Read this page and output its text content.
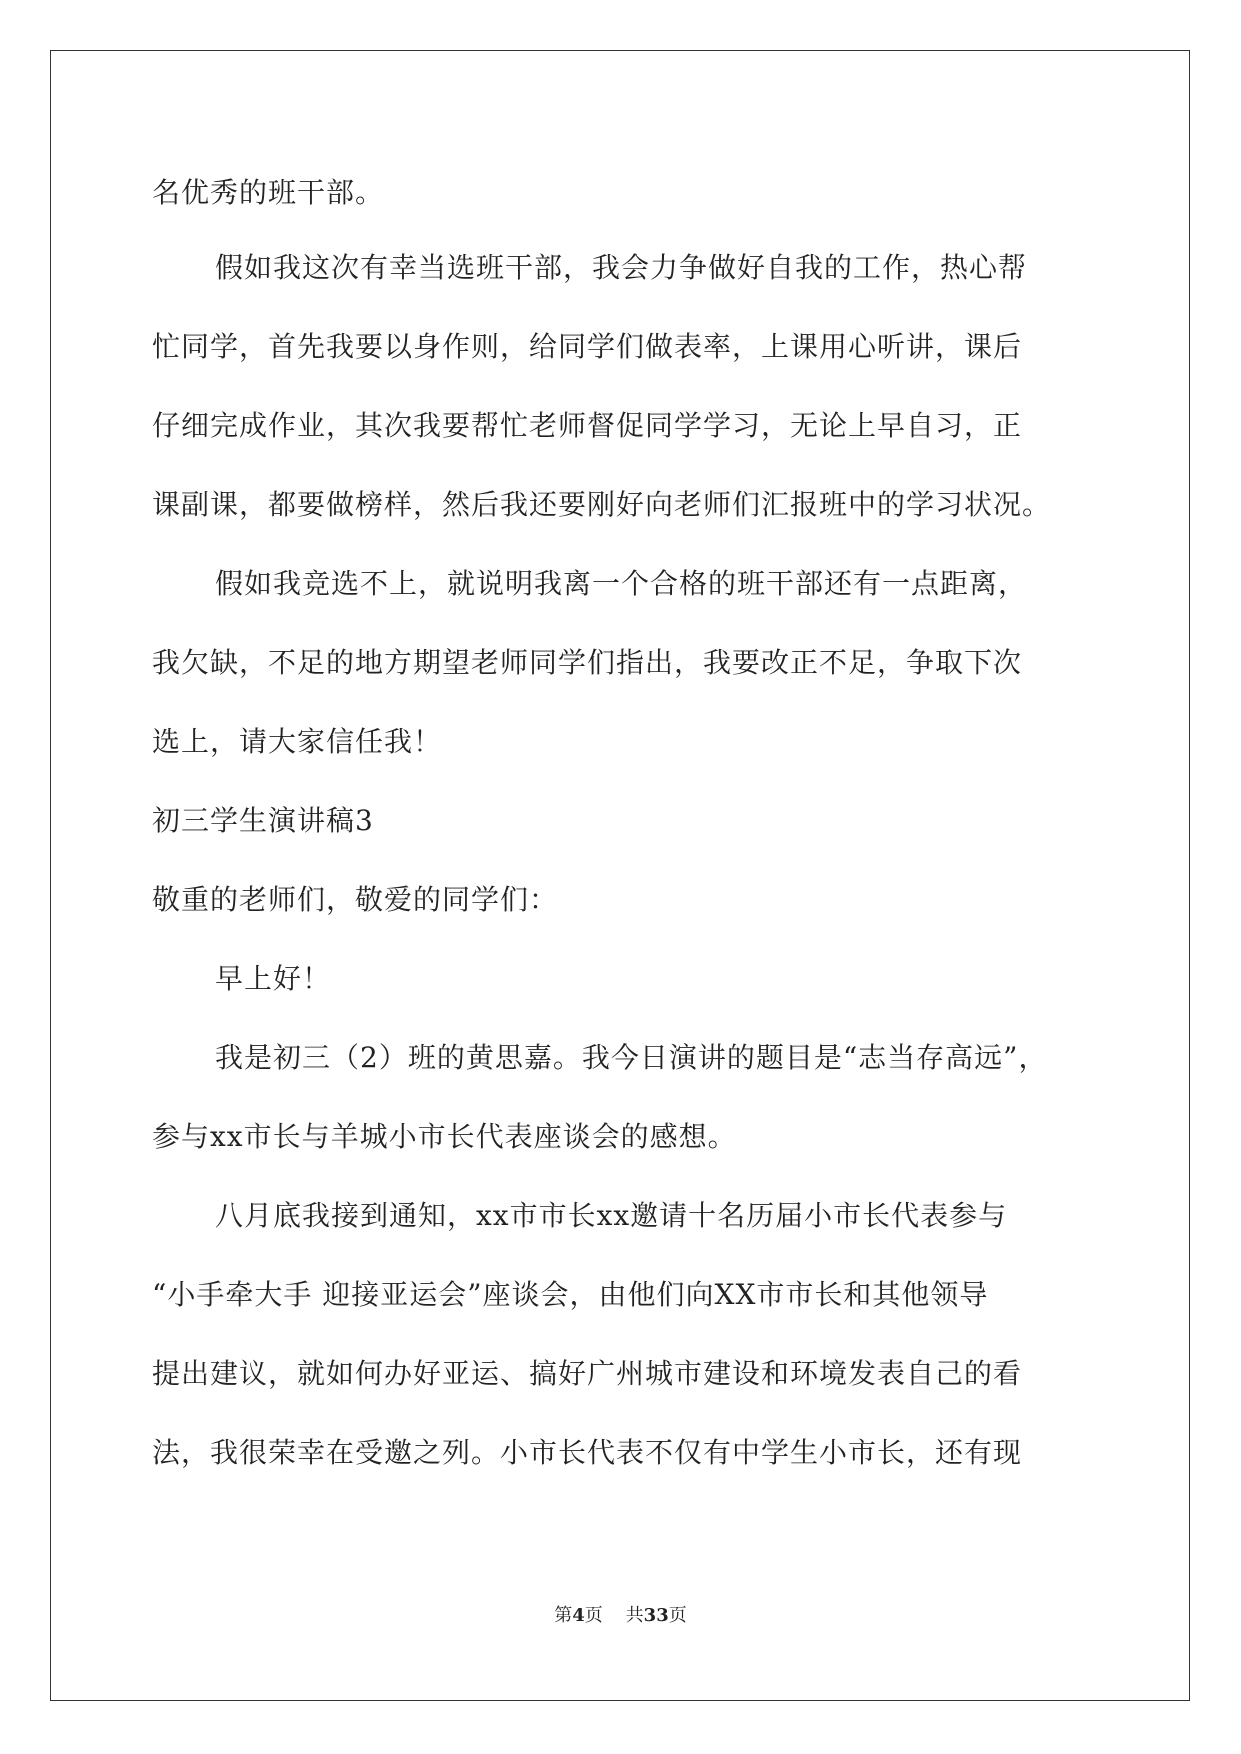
名优秀的班干部。

假如我这次有幸当选班干部，我会力争做好自我的工作，热心帮

忙同学，首先我要以身作则，给同学们做表率，上课用心听讲，课后

仔细完成作业，其次我要帮忙老师督促同学学习，无论上早自习，正

课副课，都要做榜样，然后我还要刚好向老师们汇报班中的学习状况。

假如我竞选不上，就说明我离一个合格的班干部还有一点距离，

我欠缺，不足的地方期望老师同学们指出，我要改正不足，争取下次

选上，请大家信任我！

初三学生演讲稿3

敬重的老师们，敬爱的同学们：

早上好！

我是初三（2）班的黄思嘉。我今日演讲的题目是“志当存高远”，

参与xx市长与羊城小市长代表座谈会的感想。

八月底我接到通知，xx市市长xx邀请十名历届小市长代表参与

“小手牵大手 迎接亚运会”座谈会，由他们向XX市市长和其他领导

提出建议，就如何办好亚运、搞好广州城市建设和环境发表自己的看

法，我很荣幸在受邀之列。小市长代表不仅有中学生小市长，还有现

第4页 共33页
